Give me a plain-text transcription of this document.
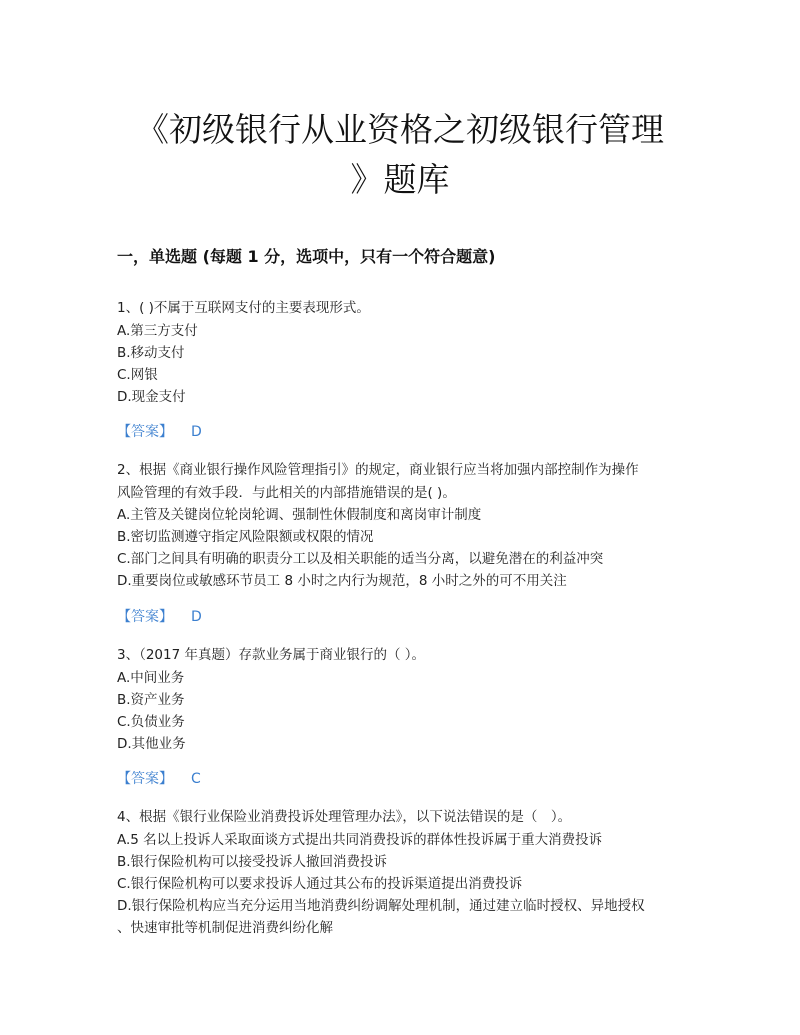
《初级银行从业资格之初级银行管理
》题库
一，单选题 (每题 1 分，选项中，只有一个符合题意)
1、( )不属于互联网支付的主要表现形式。
A.第三方支付
B.移动支付
C.网银
D.现金支付
【答案】 D
2、根据《商业银行操作风险管理指引》的规定，商业银行应当将加强内部控制作为操作
风险管理的有效手段．与此相关的内部措施错误的是( )。
A.主管及关键岗位轮岗轮调、强制性休假制度和离岗审计制度
B.密切监测遵守指定风险限额或权限的情况
C.部门之间具有明确的职责分工以及相关职能的适当分离，以避免潜在的利益冲突
D.重要岗位或敏感环节员工 8 小时之内行为规范，8 小时之外的可不用关注
【答案】 D
3、（2017 年真题）存款业务属于商业银行的（ ）。
A.中间业务
B.资产业务
C.负债业务
D.其他业务
【答案】 C
4、根据《银行业保险业消费投诉处理管理办法》，以下说法错误的是（　）。
A.5 名以上投诉人采取面谈方式提出共同消费投诉的群体性投诉属于重大消费投诉
B.银行保险机构可以接受投诉人撤回消费投诉
C.银行保险机构可以要求投诉人通过其公布的投诉渠道提出消费投诉
D.银行保险机构应当充分运用当地消费纠纷调解处理机制，通过建立临时授权、异地授权
、快速审批等机制促进消费纠纷化解
